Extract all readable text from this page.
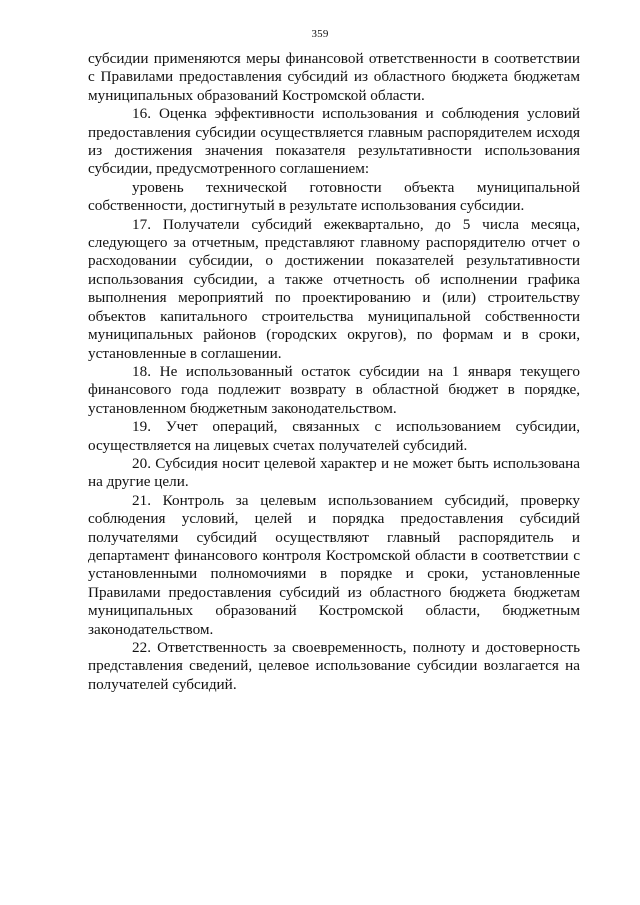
359

субсидии применяются меры финансовой ответственности в соответствии с Правилами предоставления субсидий из областного бюджета бюджетам муниципальных образований Костромской области.

16. Оценка эффективности использования и соблюдения условий предоставления субсидии осуществляется главным распорядителем исходя из достижения значения показателя результативности использования субсидии, предусмотренного соглашением:

уровень технической готовности объекта муниципальной собственности, достигнутый в результате использования субсидии.

17. Получатели субсидий ежеквартально, до 5 числа месяца, следующего за отчетным, представляют главному распорядителю отчет о расходовании субсидии, о достижении показателей результативности использования субсидии, а также отчетность об исполнении графика выполнения мероприятий по проектированию и (или) строительству объектов капитального строительства муниципальной собственности муниципальных районов (городских округов), по формам и в сроки, установленные в соглашении.

18. Не использованный остаток субсидии на 1 января текущего финансового года подлежит возврату в областной бюджет в порядке, установленном бюджетным законодательством.

19. Учет операций, связанных с использованием субсидии, осуществляется на лицевых счетах получателей субсидий.

20. Субсидия носит целевой характер и не может быть использована на другие цели.

21. Контроль за целевым использованием субсидий, проверку соблюдения условий, целей и порядка предоставления субсидий получателями субсидий осуществляют главный распорядитель и департамент финансового контроля Костромской области в соответствии с установленными полномочиями в порядке и сроки, установленные Правилами предоставления субсидий из областного бюджета бюджетам муниципальных образований Костромской области, бюджетным законодательством.

22. Ответственность за своевременность, полноту и достоверность представления сведений, целевое использование субсидии возлагается на получателей субсидий.
